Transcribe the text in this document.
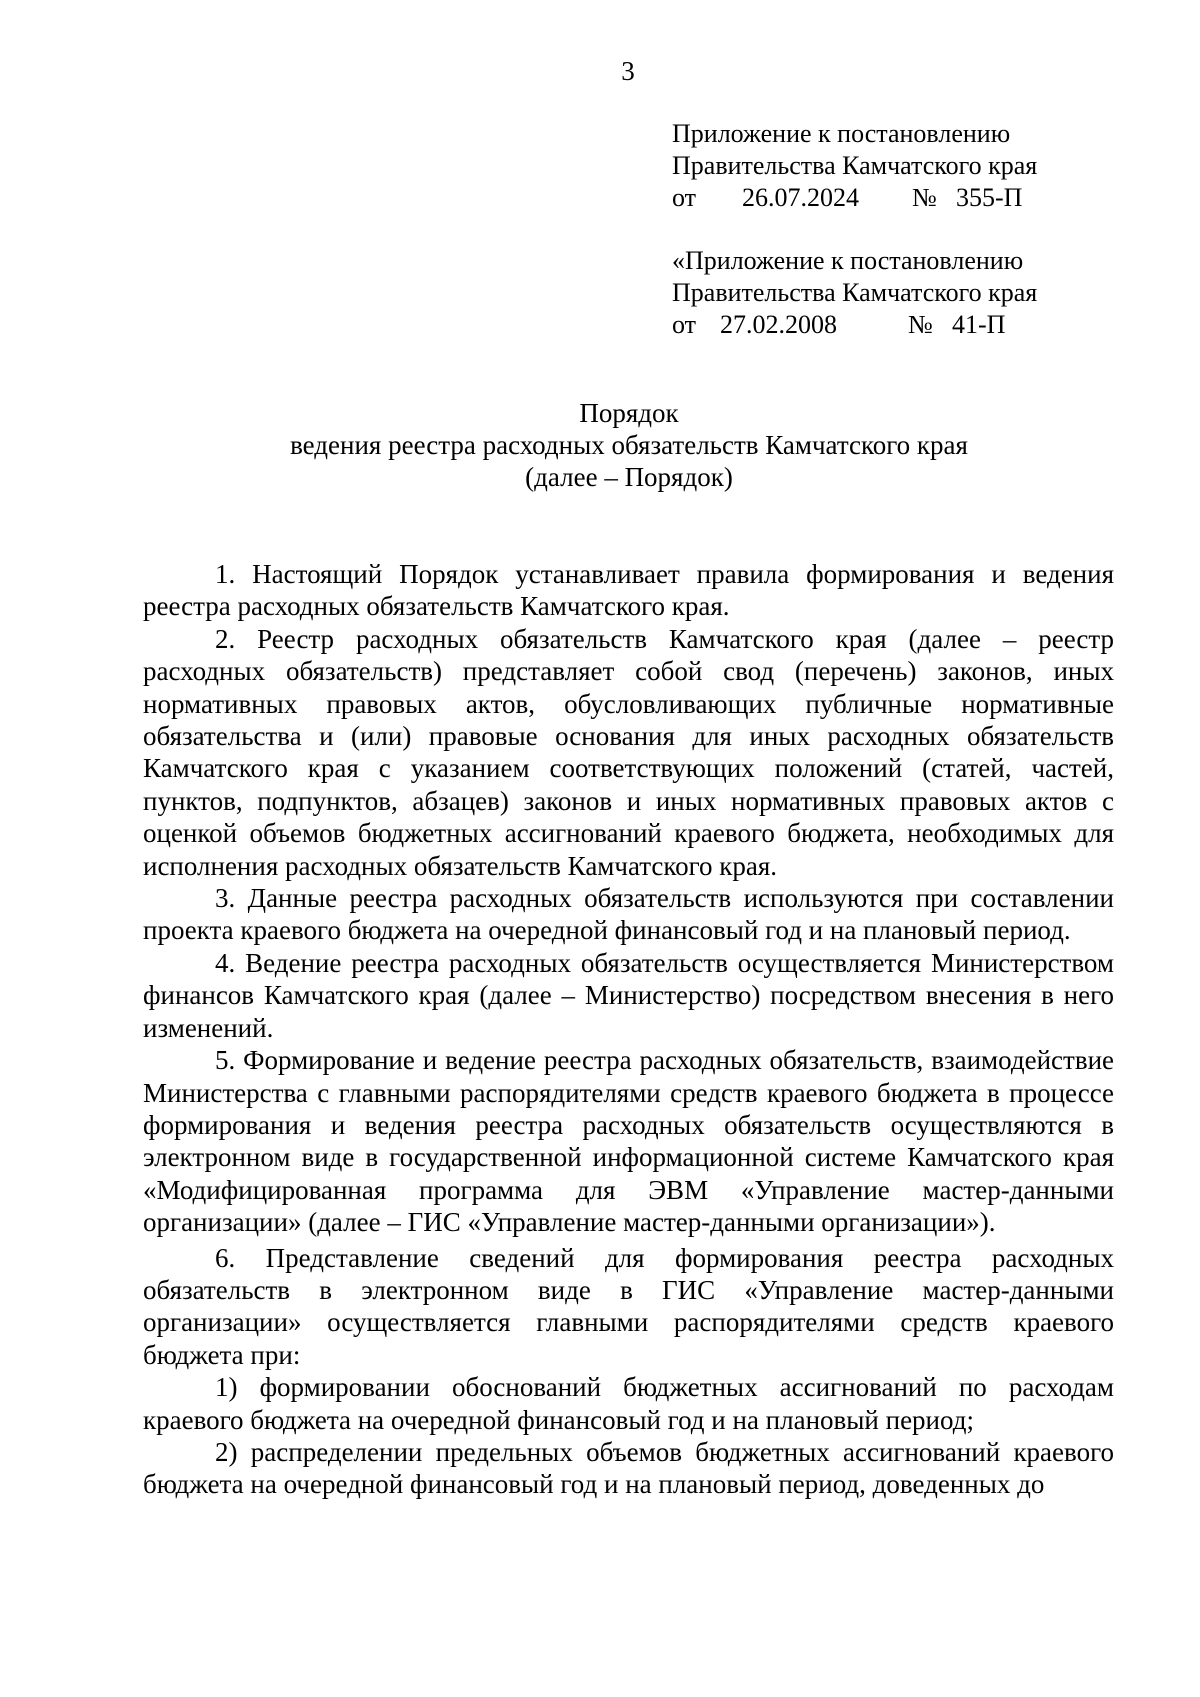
3
Приложение к постановлению
Правительства Камчатского края
от 26.07.2024 № 355-П
«Приложение к постановлению
Правительства Камчатского края
от 27.02.2008	№ 41-П
Порядок
ведения реестра расходных обязательств Камчатского края
(далее – Порядок)

1. Настоящий Порядок устанавливает правила формирования и ведения реестра расходных обязательств Камчатского края.

2. Реестр расходных обязательств Камчатского края (далее – реестр расходных обязательств) представляет собой свод (перечень) законов, иных нормативных правовых актов, обусловливающих публичные нормативные обязательства и (или) правовые основания для иных расходных обязательств Камчатского края с указанием соответствующих положений (статей, частей, пунктов, подпунктов, абзацев) законов и иных нормативных правовых актов с оценкой объемов бюджетных ассигнований краевого бюджета, необходимых для исполнения расходных обязательств Камчатского края.

3. Данные реестра расходных обязательств используются при составлении проекта краевого бюджета на очередной финансовый год и на плановый период.

4. Ведение реестра расходных обязательств осуществляется Министерством финансов Камчатского края (далее – Министерство) посредством внесения в него изменений.

5. Формирование и ведение реестра расходных обязательств, взаимодействие Министерства с главными распорядителями средств краевого бюджета в процессе формирования и ведения реестра расходных обязательств осуществляются в электронном виде в государственной информационной системе Камчатского края «Модифицированная программа для ЭВМ «Управление мастер-данными организации» (далее – ГИС «Управление мастер-данными организации»).

6. Представление сведений для формирования реестра расходных обязательств в электронном виде в ГИС «Управление мастер-данными организации» осуществляется главными распорядителями средств краевого бюджета при:

1) формировании обоснований бюджетных ассигнований по расходам краевого бюджета на очередной финансовый год и на плановый период;

2) распределении предельных объемов бюджетных ассигнований краевого бюджета на очередной финансовый год и на плановый период, доведенных до
